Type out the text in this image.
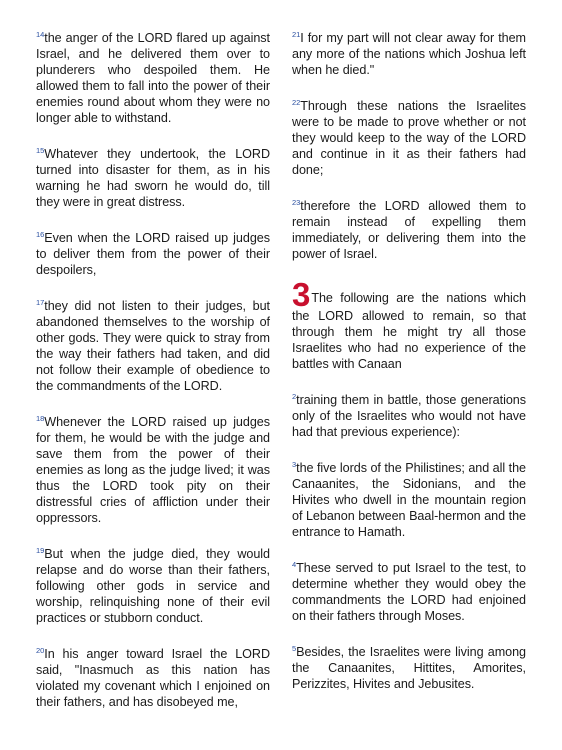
$^{14}$the anger of the LORD flared up against Israel, and he delivered them over to plunderers who despoiled them. He allowed them to fall into the power of their enemies round about whom they were no longer able to withstand.

$^{15}$Whatever they undertook, the LORD turned into disaster for them, as in his warning he had sworn he would do, till they were in great distress.

$^{16}$Even when the LORD raised up judges to deliver them from the power of their despoilers,

$^{17}$they did not listen to their judges, but abandoned themselves to the worship of other gods. They were quick to stray from the way their fathers had taken, and did not follow their example of obedience to the commandments of the LORD.

$^{18}$Whenever the LORD raised up judges for them, he would be with the judge and save them from the power of their enemies as long as the judge lived; it was thus the LORD took pity on their distressful cries of affliction under their oppressors.

$^{19}$But when the judge died, they would relapse and do worse than their fathers, following other gods in service and worship, relinquishing none of their evil practices or stubborn conduct.

$^{20}$In his anger toward Israel the LORD said, "Inasmuch as this nation has violated my covenant which I enjoined on their fathers, and has disobeyed me,

$^{21}$I for my part will not clear away for them any more of the nations which Joshua left when he died."

$^{22}$Through these nations the Israelites were to be made to prove whether or not they would keep to the way of the LORD and continue in it as their fathers had done;

$^{23}$therefore the LORD allowed them to remain instead of expelling them immediately, or delivering them into the power of Israel.

3The following are the nations which the LORD allowed to remain, so that through them he might try all those Israelites who had no experience of the battles with Canaan

$^2$training them in battle, those generations only of the Israelites who would not have had that previous experience):

$^3$the five lords of the Philistines; and all the Canaanites, the Sidonians, and the Hivites who dwell in the mountain region of Lebanon between Baal-hermon and the entrance to Hamath.

$^4$These served to put Israel to the test, to determine whether they would obey the commandments the LORD had enjoined on their fathers through Moses.

$^5$Besides, the Israelites were living among the Canaanites, Hittites, Amorites, Perizzites, Hivites and Jebusites.
